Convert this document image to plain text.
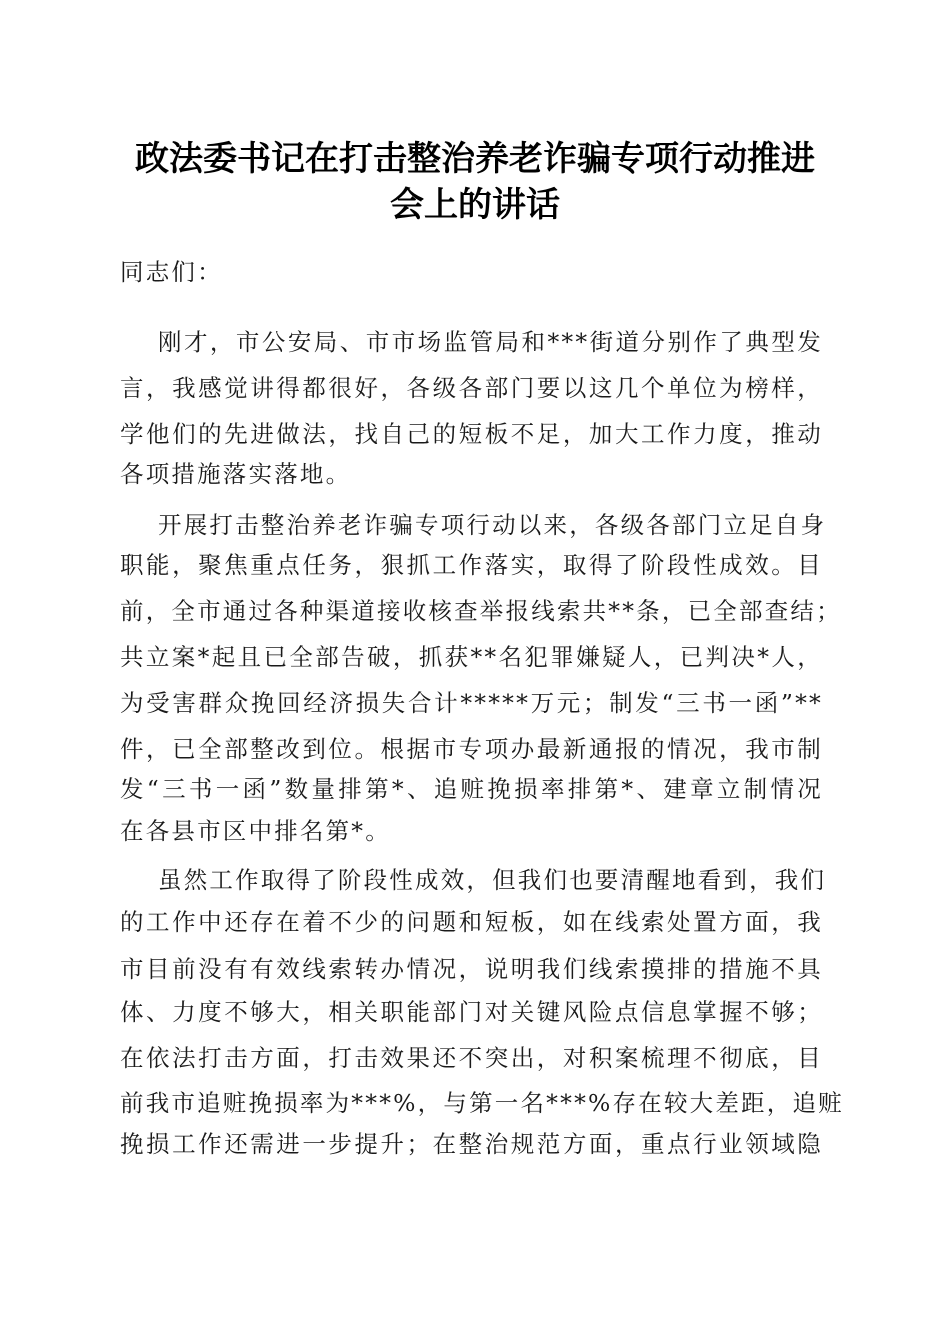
政法委书记在打击整治养老诈骗专项行动推进
会上的讲话
同志们：
刚才，市公安局、市市场监管局和***街道分别作了典型发
言，我感觉讲得都很好，各级各部门要以这几个单位为榜样，
学他们的先进做法，找自己的短板不足，加大工作力度，推动
各项措施落实落地。
开展打击整治养老诈骗专项行动以来，各级各部门立足自身
职能，聚焦重点任务，狠抓工作落实，取得了阶段性成效。目
前，全市通过各种渠道接收核查举报线索共**条，已全部查结；
共立案*起且已全部告破，抓获**名犯罪嫌疑人，已判决*人，
为受害群众挽回经济损失合计*****万元；制发“三书一函”**
件，已全部整改到位。根据市专项办最新通报的情况，我市制
发“三书一函”数量排第*、追赃挽损率排第*、建章立制情况
在各县市区中排名第*。
虽然工作取得了阶段性成效，但我们也要清醒地看到，我们
的工作中还存在着不少的问题和短板，如在线索处置方面，我
市目前没有有效线索转办情况，说明我们线索摸排的措施不具
体、力度不够大，相关职能部门对关键风险点信息掌握不够；
在依法打击方面，打击效果还不突出，对积案梳理不彻底，目
前我市追赃挽损率为***%，与第一名***%存在较大差距，追赃
挽损工作还需进一步提升；在整治规范方面，重点行业领域隐
